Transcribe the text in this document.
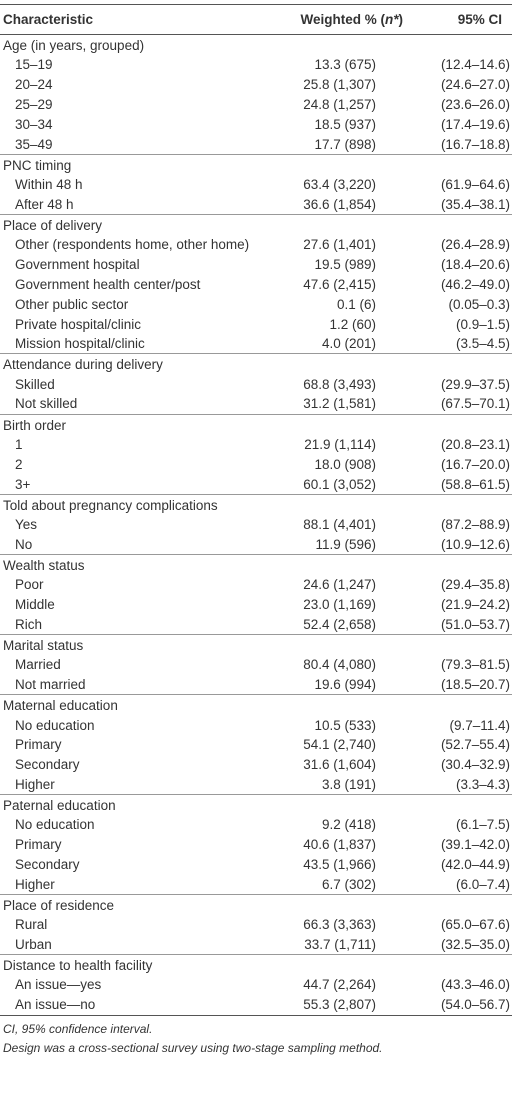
Characteristic	Weighted % (n*)	95% CI
Age (in years, grouped)		
15–19	13.3 (675)	(12.4–14.6)
20–24	25.8 (1,307)	(24.6–27.0)
25–29	24.8 (1,257)	(23.6–26.0)
30–34	18.5 (937)	(17.4–19.6)
35–49	17.7 (898)	(16.7–18.8)
PNC timing		
Within 48 h	63.4 (3,220)	(61.9–64.6)
After 48 h	36.6 (1,854)	(35.4–38.1)
Place of delivery		
Other (respondents home, other home)	27.6 (1,401)	(26.4–28.9)
Government hospital	19.5 (989)	(18.4–20.6)
Government health center/post	47.6 (2,415)	(46.2–49.0)
Other public sector	0.1 (6)	(0.05–0.3)
Private hospital/clinic	1.2 (60)	(0.9–1.5)
Mission hospital/clinic	4.0 (201)	(3.5–4.5)
Attendance during delivery		
Skilled	68.8 (3,493)	(29.9–37.5)
Not skilled	31.2 (1,581)	(67.5–70.1)
Birth order		
1	21.9 (1,114)	(20.8–23.1)
2	18.0 (908)	(16.7–20.0)
3+	60.1 (3,052)	(58.8–61.5)
Told about pregnancy complications		
Yes	88.1 (4,401)	(87.2–88.9)
No	11.9 (596)	(10.9–12.6)
Wealth status		
Poor	24.6 (1,247)	(29.4–35.8)
Middle	23.0 (1,169)	(21.9–24.2)
Rich	52.4 (2,658)	(51.0–53.7)
Marital status		
Married	80.4 (4,080)	(79.3–81.5)
Not married	19.6 (994)	(18.5–20.7)
Maternal education		
No education	10.5 (533)	(9.7–11.4)
Primary	54.1 (2,740)	(52.7–55.4)
Secondary	31.6 (1,604)	(30.4–32.9)
Higher	3.8 (191)	(3.3–4.3)
Paternal education		
No education	9.2 (418)	(6.1–7.5)
Primary	40.6 (1,837)	(39.1–42.0)
Secondary	43.5 (1,966)	(42.0–44.9)
Higher	6.7 (302)	(6.0–7.4)
Place of residence		
Rural	66.3 (3,363)	(65.0–67.6)
Urban	33.7 (1,711)	(32.5–35.0)
Distance to health facility		
An issue—yes	44.7 (2,264)	(43.3–46.0)
An issue—no	55.3 (2,807)	(54.0–56.7)
CI, 95% confidence interval.
Design was a cross-sectional survey using two-stage sampling method.
